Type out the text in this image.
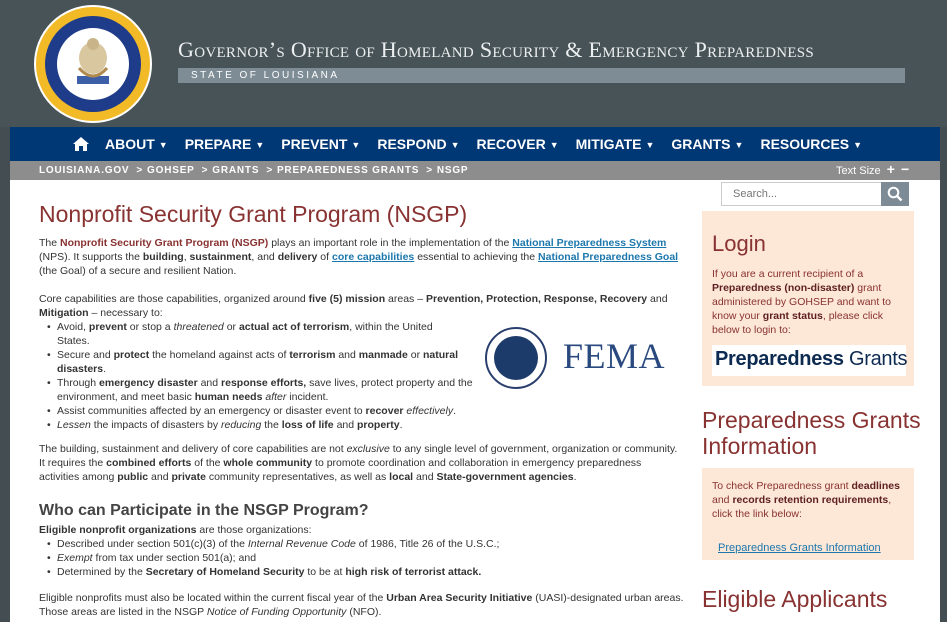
Governor’s Office of Homeland Security & Emergency Preparedness
STATE OF LOUISIANA
ABOUT ▼ PREPARE ▼ PREVENT ▼ RESPOND ▼ RECOVER ▼ MITIGATE ▼ GRANTS ▼ RESOURCES ▼
LOUISIANA.GOV > GOHSEP > GRANTS > PREPAREDNESS GRANTS > NSGP	Text Size + −
Nonprofit Security Grant Program (NSGP)
The Nonprofit Security Grant Program (NSGP) plays an important role in the implementation of the National Preparedness System (NPS). It supports the building, sustainment, and delivery of core capabilities essential to achieving the National Preparedness Goal (the Goal) of a secure and resilient Nation.
Core capabilities are those capabilities, organized around five (5) mission areas – Prevention, Protection, Response, Recovery and Mitigation – necessary to:
• Avoid, prevent or stop a threatened or actual act of terrorism, within the United States.
• Secure and protect the homeland against acts of terrorism and manmade or natural disasters.
• Through emergency disaster and response efforts, save lives, protect property and the environment, and meet basic human needs after incident.
• Assist communities affected by an emergency or disaster event to recover effectively.
• Lessen the impacts of disasters by reducing the loss of life and property.
FEMA
The building, sustainment and delivery of core capabilities are not exclusive to any single level of government, organization or community. It requires the combined efforts of the whole community to promote coordination and collaboration in emergency preparedness activities among public and private community representatives, as well as local and State-government agencies.
Who can Participate in the NSGP Program?
Eligible nonprofit organizations are those organizations:
• Described under section 501(c)(3) of the Internal Revenue Code of 1986, Title 26 of the U.S.C.;
• Exempt from tax under section 501(a); and
• Determined by the Secretary of Homeland Security to be at high risk of terrorist attack.
Eligible nonprofits must also be located within the current fiscal year of the Urban Area Security Initiative (UASI)-designated urban areas. Those areas are listed in the NSGP Notice of Funding Opportunity (NFO).
Search...
Login
If you are a current recipient of a Preparedness (non-disaster) grant administered by GOHSEP and want to know your grant status, please click below to login to:
Preparedness Grants
Preparedness Grants Information
To check Preparedness grant deadlines and records retention requirements, click the link below:
Preparedness Grants Information
Eligible Applicants
